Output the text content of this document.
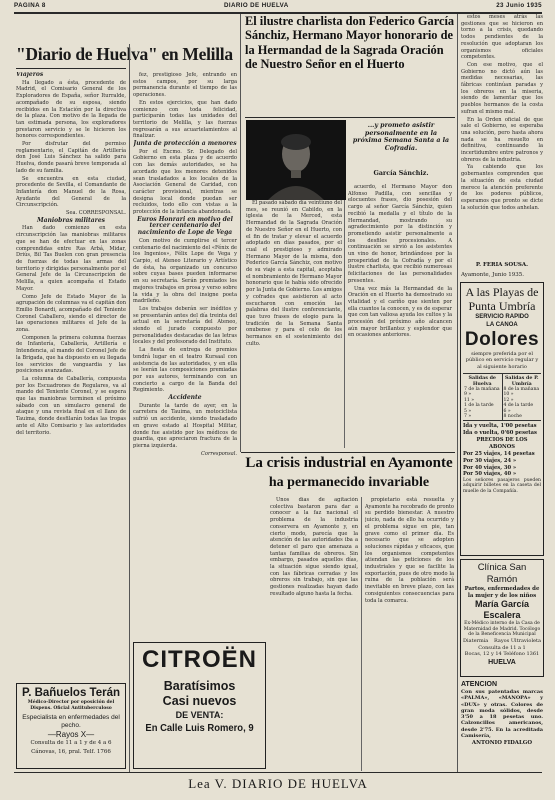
PAGINA 8	DIARIO DE HUELVA	23 Junio 1935
"Diario de Huelva" en Melilla

Viajeros

Ha llegado a ésta, procedente de Madrid, el Comisario General de los Exploradores de España, señor Iturralde, acompañado de su esposa, siendo recibidos en la Estación por la directiva de la plaza. Con motivo de la llegada de tan estimada persona, los exploradores prestaron servicio y se le hicieron los honores correspondientes.

Por disfrutar del permiso reglamentario, el Capitán de Artillería don José Luis Sánchez ha salido para Huelva, donde pasará breve temporada al lado de su familia.

Se encuentra en esta ciudad, procedente de Sevilla, el Comandante de Infantería don Manuel de la Rosa, Ayudante del General de la Circunscripción.

Sea. CORRESPONSAL.

Maniobras militares

Han dado comienzo en esta circunscripción las maniobras militares que se han de efectuar en las zonas comprendidas entre Ras Arbá, Midar, Driús, Bil Tas Buelen con gran presencia de fuerzas de todas las armas del territorio y dirigidas personalmente por el General Jefe de la Circunscripción de Melilla, a quien acompaña el Estado Mayor.

Como Jefe de Estado Mayor de la agrupación de columnas va el capitán don Emilio Bonardi, acompañado del Teniente Coronel Caballero, siendo el director de las operaciones militares el Jefe de la zona.

Componen la primera columna fuerzas de Infantería, Caballería, Artillería e Intendencia, al mando del Coronel Jefe de la Brigada, que ha dispuesto en su llegada los servicios de vanguardia y las posiciones avanzadas.

La columna de Caballería, compuesta por los Escuadrones de Regulares, va al mando del Teniente Coronel, y se espera que las maniobras terminen el próximo sábado con un simulacro general de ataque y una revista final en el llano de Tauima, donde desfilarán todas las tropas ante el Alto Comisario y las autoridades del territorio.

P. Bañuelos Terán
Médico-Director por oposición del Dispens. Oficial Antituberculoso
Especialista en enfermedades del pecho.
—Rayos X—
Consulta de 11 a 1 y de 4 a 6
Cánovas, 16, pral. Telf. 1766

fez, prestigioso Jefe, entrando en estos campos, por su larga permanencia durante el tiempo de las operaciones.

En estos ejercicios, que han dado comienzo con toda felicidad, participarán todas las unidades del territorio de Melilla, y las fuerzas regresarán a sus acuartelamientos al finalizar.

Junta de protección a menores

Por el Excmo. Sr. Delegado del Gobierno en esta plaza y de acuerdo con las demás autoridades, se ha acordado que los menores detenidos sean trasladados a los locales de la Asociación General de Caridad, con carácter provisional, mientras se designa local donde puedan ser recluidos, todo ello con vistas a la protección de la infancia abandonada.

Euros Honrari en motivo del tercer centenario del nacimiento de Lope de Vega

Con motivo de cumplirse el tercer centenario del nacimiento del «Fénix de los Ingenios», Félix Lope de Vega y Carpio, el Ateneo Literario y Artístico de ésta, ha organizado un concurso sobre cuyas bases pueden informarse en su secretaría. Serán premiados los mejores trabajos en prosa y verso sobre la vida y la obra del insigne poeta madrileño.

Los trabajos deberán ser inéditos y se presentarán antes del día treinta del actual en la secretaría del Ateneo, siendo el jurado compuesto por personalidades destacadas de las letras locales y del profesorado del Instituto.

La fiesta de entrega de premios tendrá lugar en el teatro Kursaal con asistencia de las autoridades, y en ella se leerán las composiciones premiadas por sus autores, terminando con un concierto a cargo de la Banda del Regimiento.

Accidente

Durante la tarde de ayer, en la carretera de Tauima, un motociclista sufrió un accidente, siendo trasladado en grave estado al Hospital Militar, donde fue asistido por los médicos de guardia, que apreciaron fractura de la pierna izquierda.

Corresponsal.

CITROËN
Baratísimos
Casi nuevos
DE VENTA:
En Calle Luis Romero, 9
El ilustre charlista don Federico García Sánchiz, Hermano Mayor honorario de la Hermandad de la Sagrada Oración de Nuestro Señor en el Huerto
...y prometo asistir personalmente en la próxima Semana Santa a la Cofradía.
García Sánchiz.

El pasado sábado día veintiuno del mes, se reunió en Cabildo, en la iglesia de la Merced, esta Hermandad de la Sagrada Oración de Nuestro Señor en el Huerto, con el fin de tratar y elevar el acuerdo adoptado en días pasados, por el cual el prestigioso y admirado Hermano Mayor de la misma, don Federico García Sánchiz, con motivo de su viaje a esta capital, aceptaba el nombramiento de Hermano Mayor honorario que le había sido ofrecido por la Junta de Gobierno. Los amigos y cofrades que asistieron al acto escucharon con emoción las palabras del ilustre conferenciante, que tuvo frases de elogio para la tradición de la Semana Santa onubense y para el celo de los hermanos en el sostenimiento del culto.

acuerdo, el Hermano Mayor don Alfonso Padilla, con sencillas y elocuentes frases, dio posesión del cargo al señor García Sánchiz, quien recibió la medalla y el título de la Hermandad, mostrando su agradecimiento por la distinción y prometiendo asistir personalmente a los desfiles procesionales. A continuación se sirvió a los asistentes un vino de honor, brindándose por la prosperidad de la Cofradía y por el ilustre charlista, que recibió numerosas felicitaciones de las personalidades presentes.

Una vez más la Hermandad de la Oración en el Huerto ha demostrado su vitalidad y el cariño que sienten por ella cuantos la conocen, y es de esperar que con tan valiosa ayuda los cultos y la procesión del próximo año alcancen aún mayor brillantez y esplendor que en ocasiones anteriores.

La crisis industrial en Ayamonte
ha permanecido invariable

Unos días de agitación colectiva bastaron para dar a conocer a la faz nacional el problema de la industria conservera en Ayamonte y, en cierto modo, parecía que la atención de las autoridades iba a detener el paro que amenaza a tantas familias de obreros. Sin embargo, pasados aquellos días, la situación sigue siendo igual, con las fábricas cerradas y los obreros sin trabajo, sin que las gestiones realizadas hayan dado resultado alguno hasta la fecha.

propietario está resuelta y Ayamonte ha recobrado de pronto su perdido bienestar. A nuestro juicio, nada de ello ha ocurrido y el problema sigue en pie, tan grave como el primer día. Es necesario que se adopten soluciones rápidas y eficaces, que los organismos competentes atiendan las peticiones de los industriales y que se facilite la exportación, pues de otro modo la ruina de la población será inevitable en breve plazo, con las consiguientes consecuencias para toda la comarca.

estos meses atrás las gestiones que se hicieron en torno a la crisis, quedando todos pendientes de la resolución que adoptaran los organismos oficiales competentes.

Con ese motivo, que el Gobierno no dictó aún las medidas necesarias, las fábricas continúan paradas y los obreros en la miseria, siendo de lamentar que los pueblos hermanos de la costa sufran el mismo mal.

En la Orden oficial de que sale el Gobierno, se esperaba una solución, pero hasta ahora nada se ha resuelto en definitiva, continuando la incertidumbre entre patronos y obreros de la industria.

Ya cabiendo que los gobernantes comprenden que la situación de esta ciudad merece la atención preferente de los poderes públicos, esperamos que pronto se dicte la solución que todos anhelan.

P. FERIA SOUSA.
Ayamonte, Junio 1935.
A las Playas de
Punta Umbría
SERVICIO RAPIDO
LA CANOA
Dolores
siempre preferida por el público en servicio regular y al siguiente horario
Salidas de Huelva
7 de la mañana
9 »
11 »
1 de la tarde
5 »
7 »
Salidas de P. Umbría
8 de la mañana
10 »
12 »
4 de la tarde
6 »
8 noche
Ida y vuelta, 1'00 pesetas
Ida o vuelta, 0'60 pesetas
PRECIOS DE LOS ABONOS
Por 25 viajes, 14 pesetas
Por 30 viajes, 24 »
Por 40 viajes, 30 »
Por 50 viajes, 40 »
Los señores pasajeros pueden adquirir billetes en la caseta del muelle de la Compañía.
Clínica San Ramón
Partos, enfermedades de la mujer y de los niños
María García Escalera
Ex-Médico interno de la Casa de Maternidad de Madrid. Tocólogo de la Beneficencia Municipal
Diatermia Rayos Ultravioleta
Consulta de 11 a 1
Bocas, 12 y 14 Teléfono 1361
HUELVA
ATENCION
Con sus patentadas marcas «PALMA», «MANOPA» y «DUX» y otras. Colores de gran moda sólidos, desde 3'50 a 18 pesetas uno. Calzoncillos americanos, desde 2'75. En la acreditada Camisería,
ANTONIO FIDALGO
Lea V. DIARIO DE HUELVA
